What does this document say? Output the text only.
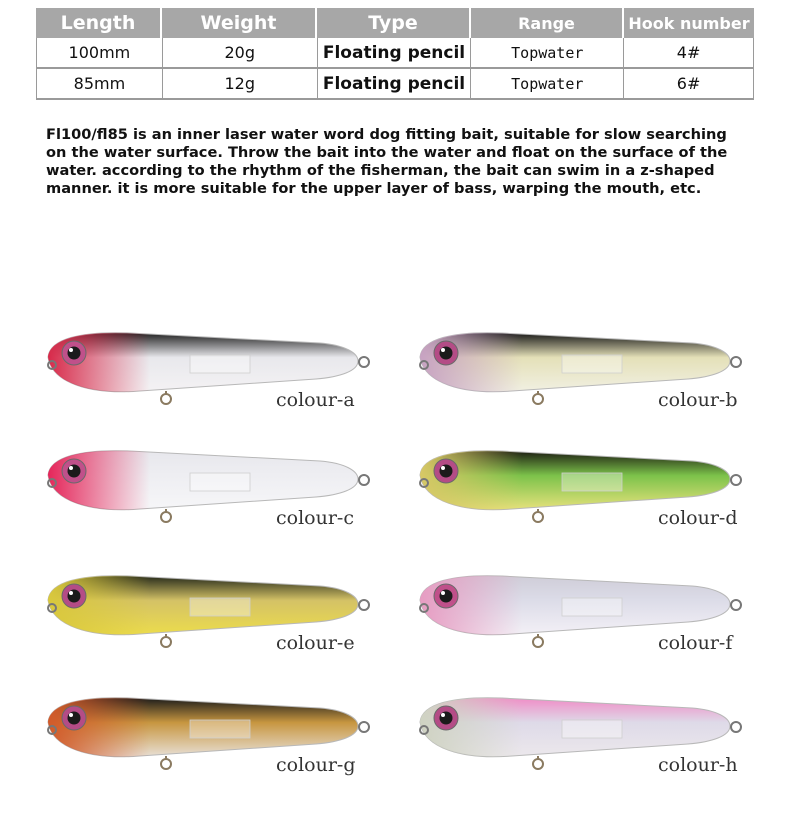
Length	Weight	Type	Range	Hook number
100mm	20g	Floating pencil	Topwater	4#
85mm	12g	Floating pencil	Topwater	6#

Fl100/fl85 is an inner laser water word dog fitting bait, suitable for slow searching on the water surface. Throw the bait into the water and float on the surface of the water. according to the rhythm of the fisherman, the bait can swim in a z-shaped manner. it is more suitable for the upper layer of bass, warping the mouth, etc.

colour-a	colour-b
colour-c	colour-d
colour-e	colour-f
colour-g	colour-h
